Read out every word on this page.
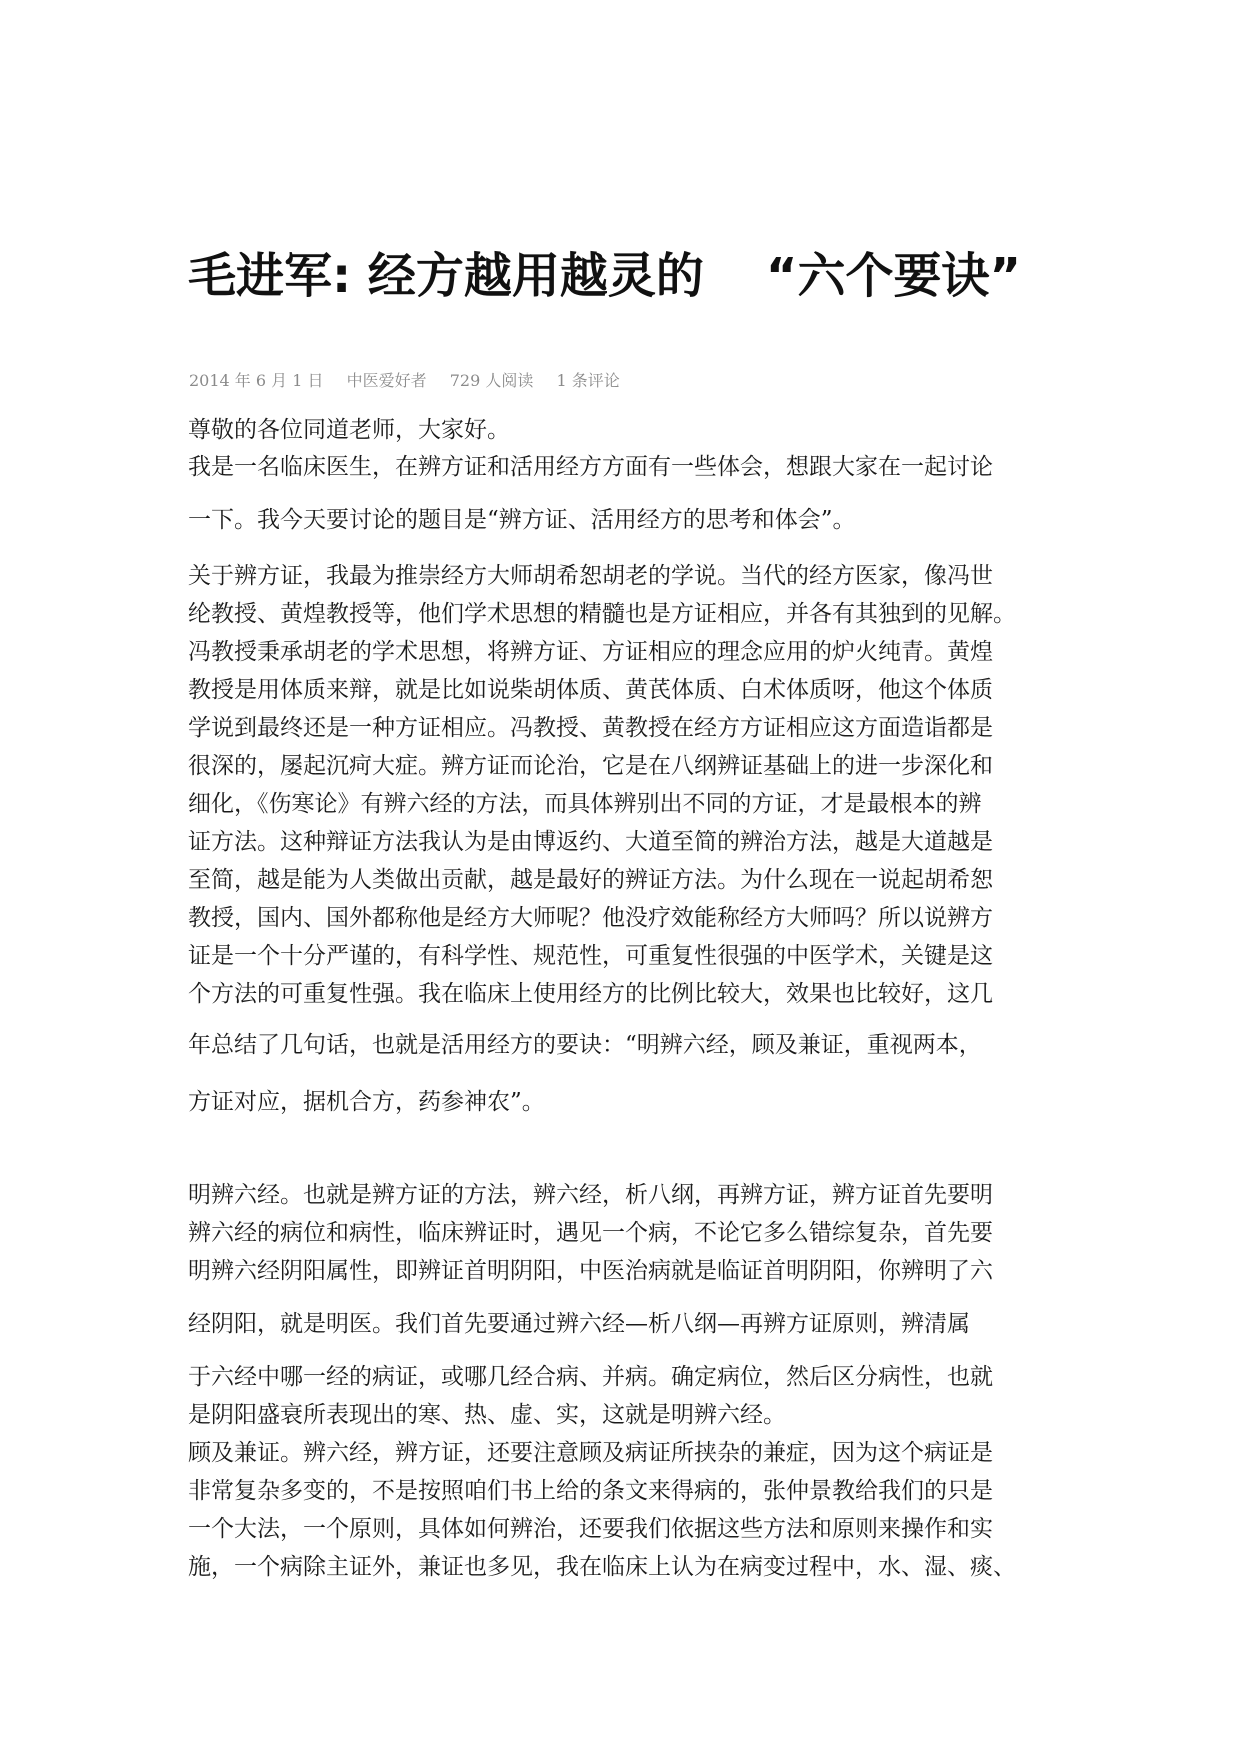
毛进军: 经方越用越灵的 “六个要诀”
2014 年 6 月 1 日 中医爱好者 729 人阅读 1 条评论
尊敬的各位同道老师，大家好。
我是一名临床医生，在辨方证和活用经方方面有一些体会，想跟大家在一起讨论
一下。我今天要讨论的题目是“辨方证、活用经方的思考和体会”。
关于辨方证，我最为推崇经方大师胡希恕胡老的学说。当代的经方医家，像冯世
纶教授、黄煌教授等，他们学术思想的精髓也是方证相应，并各有其独到的见解。
冯教授秉承胡老的学术思想，将辨方证、方证相应的理念应用的炉火纯青。黄煌
教授是用体质来辩，就是比如说柴胡体质、黄芪体质、白术体质呀，他这个体质
学说到最终还是一种方证相应。冯教授、黄教授在经方方证相应这方面造诣都是
很深的，屡起沉疴大症。辨方证而论治，它是在八纲辨证基础上的进一步深化和
细化，《伤寒论》有辨六经的方法，而具体辨别出不同的方证，才是最根本的辨
证方法。这种辩证方法我认为是由博返约、大道至简的辨治方法，越是大道越是
至简，越是能为人类做出贡献，越是最好的辨证方法。为什么现在一说起胡希恕
教授，国内、国外都称他是经方大师呢？他没疗效能称经方大师吗？所以说辨方
证是一个十分严谨的，有科学性、规范性，可重复性很强的中医学术，关键是这
个方法的可重复性强。我在临床上使用经方的比例比较大，效果也比较好，这几
年总结了几句话，也就是活用经方的要诀：“明辨六经，顾及兼证，重视两本，
方证对应，据机合方，药参神农”。
明辨六经。也就是辨方证的方法，辨六经，析八纲，再辨方证，辨方证首先要明
辨六经的病位和病性，临床辨证时，遇见一个病，不论它多么错综复杂，首先要
明辨六经阴阳属性，即辨证首明阴阳，中医治病就是临证首明阴阳，你辨明了六
经阴阳，就是明医。我们首先要通过辨六经—析八纲—再辨方证原则，辨清属
于六经中哪一经的病证，或哪几经合病、并病。确定病位，然后区分病性，也就
是阴阳盛衰所表现出的寒、热、虚、实，这就是明辨六经。
顾及兼证。辨六经，辨方证，还要注意顾及病证所挟杂的兼症，因为这个病证是
非常复杂多变的，不是按照咱们书上给的条文来得病的，张仲景教给我们的只是
一个大法，一个原则，具体如何辨治，还要我们依据这些方法和原则来操作和实
施，一个病除主证外，兼证也多见，我在临床上认为在病变过程中，水、湿、痰、
